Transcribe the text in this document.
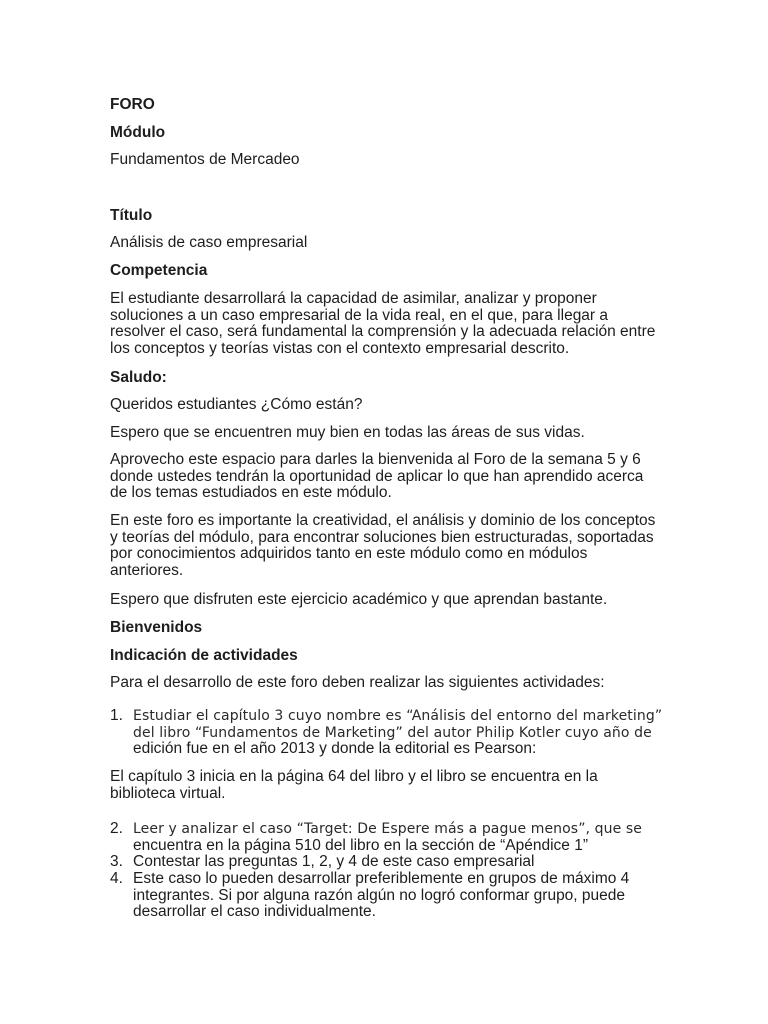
FORO

Módulo

Fundamentos de Mercadeo

Título

Análisis de caso empresarial

Competencia

El estudiante desarrollará la capacidad de asimilar, analizar y proponer
soluciones a un caso empresarial de la vida real, en el que, para llegar a
resolver el caso, será fundamental la comprensión y la adecuada relación entre
los conceptos y teorías vistas con el contexto empresarial descrito.

Saludo:

Queridos estudiantes ¿Cómo están?

Espero que se encuentren muy bien en todas las áreas de sus vidas.

Aprovecho este espacio para darles la bienvenida al Foro de la semana 5 y 6
donde ustedes tendrán la oportunidad de aplicar lo que han aprendido acerca
de los temas estudiados en este módulo.
En este foro es importante la creatividad, el análisis y dominio de los conceptos
y teorías del módulo, para encontrar soluciones bien estructuradas, soportadas
por conocimientos adquiridos tanto en este módulo como en módulos
anteriores.

Espero que disfruten este ejercicio académico y que aprendan bastante.

Bienvenidos

Indicación de actividades

Para el desarrollo de este foro deben realizar las siguientes actividades:

1. Estudiar el capítulo 3 cuyo nombre es “Análisis del entorno del marketing”
del libro “Fundamentos de Marketing” del autor Philip Kotler cuyo año de
edición fue en el año 2013 y donde la editorial es Pearson:
El capítulo 3 inicia en la página 64 del libro y el libro se encuentra en la
biblioteca virtual.
2. Leer y analizar el caso “Target: De Espere más a pague menos”, que se
encuentra en la página 510 del libro en la sección de “Apéndice 1”
3. Contestar las preguntas 1, 2, y 4 de este caso empresarial
4. Este caso lo pueden desarrollar preferiblemente en grupos de máximo 4
integrantes. Si por alguna razón algún no logró conformar grupo, puede
desarrollar el caso individualmente.
